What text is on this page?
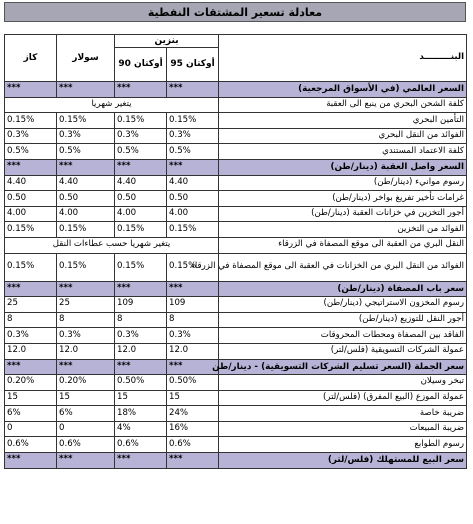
معادلة تسعير المشتقات النفطية
كاز	سولار	بنزين		البنـــــــــد
		أوكتان 90	أوكتان 95	
***	***	***	***	السعر العالمي (في الأسواق المرجعية)
يتغير شهريا				كلفة الشحن البحري من ينبع الى العقبة
0.15%	0.15%	0.15%	0.15%	التأمين البحري
0.3%	0.3%	0.3%	0.3%	الفوائد من النقل البحري
0.5%	0.5%	0.5%	0.5%	كلفة الاعتماد المستندي
***	***	***	***	السعر واصل العقبة (دينار/طن)
4.40	4.40	4.40	4.40	رسوم موانيء (دينار/طن)
0.50	0.50	0.50	0.50	غرامات تأخير تفريغ بواخر (دينار/طن)
4.00	4.00	4.00	4.00	أجور التخزين في خزانات العقبة (دينار/طن)
0.15%	0.15%	0.15%	0.15%	الفوائد من التخزين
يتغير شهريا حسب عطاءات النقل				النقل البري من العقبة الى موقع المصفاة في الزرقاء
0.15%	0.15%	0.15%	0.15%	الفوائد من النقل البري من الخزانات في العقبة الى موقع المصفاة في الزرقاء
***	***	***	***	سعر باب المصفاة (دينار/طن)
25	25	109	109	رسوم المخزون الاستراتيجي (دينار/طن)
8	8	8	8	أجور النقل للتوزيع (دينار/طن)
0.3%	0.3%	0.3%	0.3%	الفاقد بين المصفاة ومحطات المحروقات
12.0	12.0	12.0	12.0	عمولة الشركات التسويقية (فلس/لتر)
***	***	***	***	سعر الجملة (السعر تسليم الشركات التسويقية) - دينار/طن
0.20%	0.20%	0.50%	0.50%	تبخر وسيلان
15	15	15	15	عمولة الموزع (البيع المفرق) (فلس/لتر)
6%	6%	18%	24%	ضريبة خاصة
0	0	4%	16%	ضريبة المبيعات
0.6%	0.6%	0.6%	0.6%	رسوم الطوابع
***	***	***	***	سعر البيع للمستهلك (فلس/لتر)
